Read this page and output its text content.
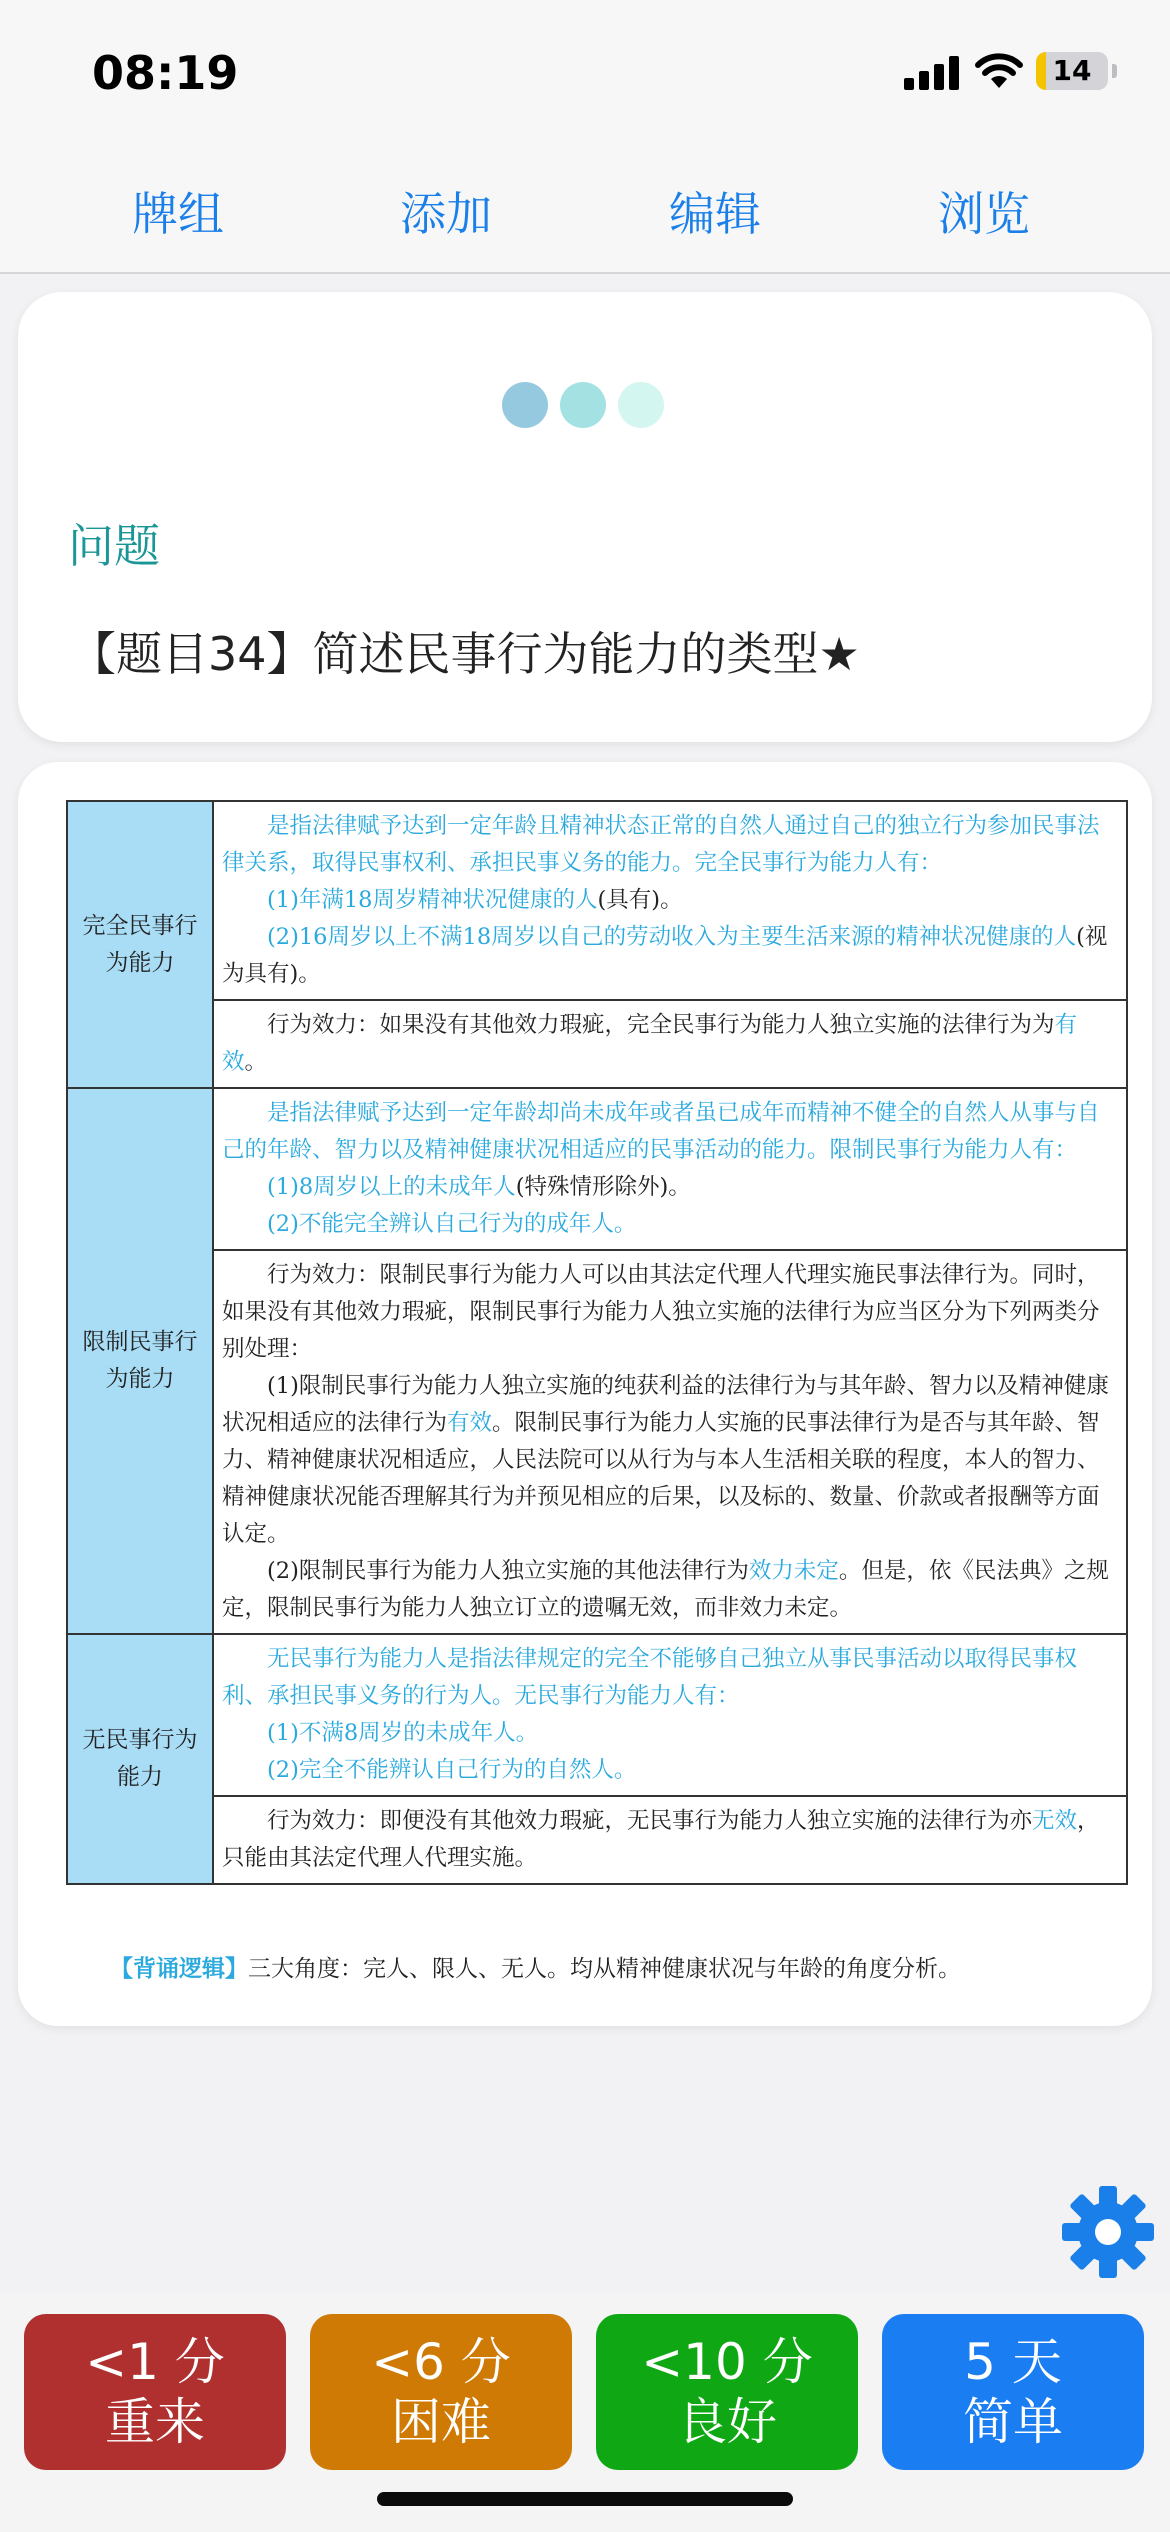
08:19	14
牌组	添加	编辑	浏览
问题
【题目34】简述民事行为能力的类型★
完全民事行为能力	是指法律赋予达到一定年龄且精神状态正常的自然人通过自己的独立行为参加民事法律关系，取得民事权利、承担民事义务的能力。完全民事行为能力人有：

(1)年满18周岁精神状况健康的人(具有)。

(2)16周岁以上不满18周岁以自己的劳动收入为主要生活来源的精神状况健康的人(视为具有)。

	行为效力：如果没有其他效力瑕疵，完全民事行为能力人独立实施的法律行为为有效。

限制民事行为能力	是指法律赋予达到一定年龄却尚未成年或者虽已成年而精神不健全的自然人从事与自己的年龄、智力以及精神健康状况相适应的民事活动的能力。限制民事行为能力人有：

(1)8周岁以上的未成年人(特殊情形除外)。

(2)不能完全辨认自己行为的成年人。

	行为效力：限制民事行为能力人可以由其法定代理人代理实施民事法律行为。同时，如果没有其他效力瑕疵，限制民事行为能力人独立实施的法律行为应当区分为下列两类分别处理：

(1)限制民事行为能力人独立实施的纯获利益的法律行为与其年龄、智力以及精神健康状况相适应的法律行为有效。限制民事行为能力人实施的民事法律行为是否与其年龄、智力、精神健康状况相适应，人民法院可以从行为与本人生活相关联的程度，本人的智力、精神健康状况能否理解其行为并预见相应的后果，以及标的、数量、价款或者报酬等方面认定。

(2)限制民事行为能力人独立实施的其他法律行为效力未定。但是，依《民法典》之规定，限制民事行为能力人独立订立的遗嘱无效，而非效力未定。

无民事行为能力	无民事行为能力人是指法律规定的完全不能够自己独立从事民事活动以取得民事权利、承担民事义务的行为人。无民事行为能力人有：

(1)不满8周岁的未成年人。

(2)完全不能辨认自己行为的自然人。

	行为效力：即便没有其他效力瑕疵，无民事行为能力人独立实施的法律行为亦无效，只能由其法定代理人代理实施。

【背诵逻辑】三大角度：完人、限人、无人。均从精神健康状况与年龄的角度分析。
<1 分
重来
<6 分
困难
<10 分
良好
5 天
简单
